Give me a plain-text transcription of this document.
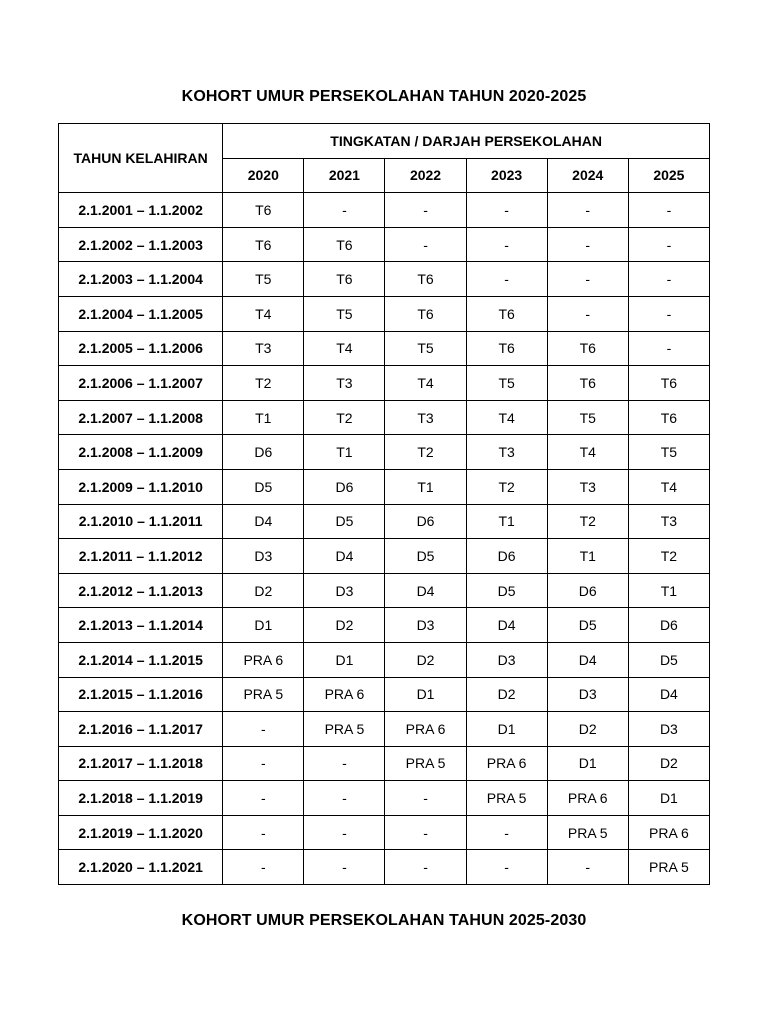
KOHORT UMUR PERSEKOLAHAN TAHUN 2020-2025
TAHUN KELAHIRAN	TINGKATAN / DARJAH PERSEKOLAHAN					
	2020	2021	2022	2023	2024	2025
2.1.2001 – 1.1.2002	T6	-	-	-	-	-
2.1.2002 – 1.1.2003	T6	T6	-	-	-	-
2.1.2003 – 1.1.2004	T5	T6	T6	-	-	-
2.1.2004 – 1.1.2005	T4	T5	T6	T6	-	-
2.1.2005 – 1.1.2006	T3	T4	T5	T6	T6	-
2.1.2006 – 1.1.2007	T2	T3	T4	T5	T6	T6
2.1.2007 – 1.1.2008	T1	T2	T3	T4	T5	T6
2.1.2008 – 1.1.2009	D6	T1	T2	T3	T4	T5
2.1.2009 – 1.1.2010	D5	D6	T1	T2	T3	T4
2.1.2010 – 1.1.2011	D4	D5	D6	T1	T2	T3
2.1.2011 – 1.1.2012	D3	D4	D5	D6	T1	T2
2.1.2012 – 1.1.2013	D2	D3	D4	D5	D6	T1
2.1.2013 – 1.1.2014	D1	D2	D3	D4	D5	D6
2.1.2014 – 1.1.2015	PRA 6	D1	D2	D3	D4	D5
2.1.2015 – 1.1.2016	PRA 5	PRA 6	D1	D2	D3	D4
2.1.2016 – 1.1.2017	-	PRA 5	PRA 6	D1	D2	D3
2.1.2017 – 1.1.2018	-	-	PRA 5	PRA 6	D1	D2
2.1.2018 – 1.1.2019	-	-	-	PRA 5	PRA 6	D1
2.1.2019 – 1.1.2020	-	-	-	-	PRA 5	PRA 6
2.1.2020 – 1.1.2021	-	-	-	-	-	PRA 5
KOHORT UMUR PERSEKOLAHAN TAHUN 2025-2030
